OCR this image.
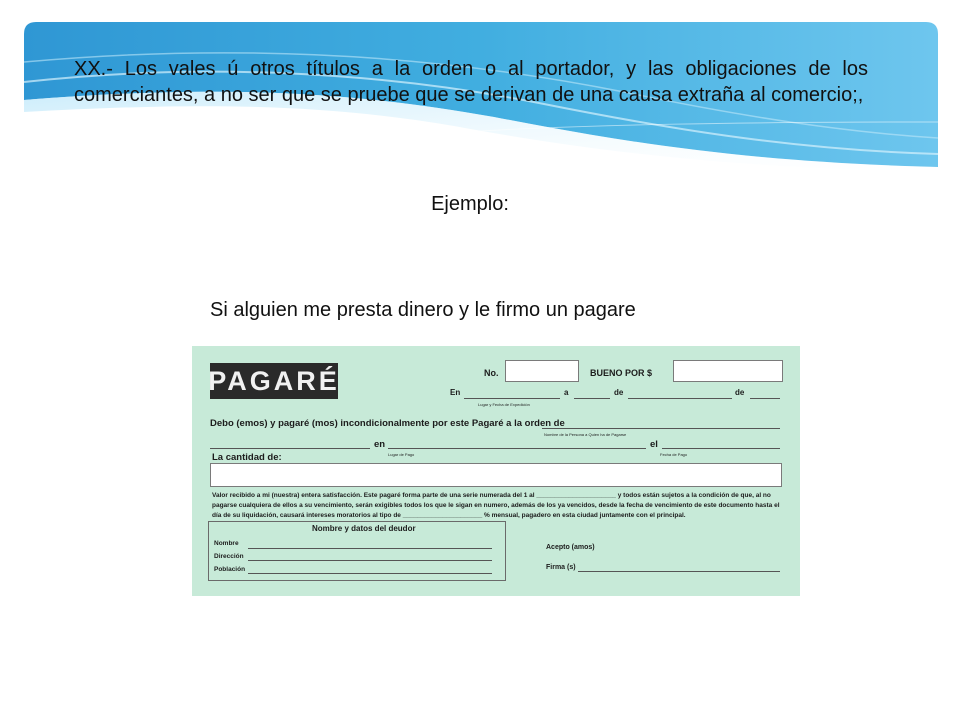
XX.- Los vales ú otros títulos a la orden o al portador, y las obligaciones de los comerciantes, a no ser que se pruebe que se derivan de una causa extraña al comercio;,

Ejemplo:
Si alguien me presta dinero y le firmo un pagare
PAGARÉ	No.	BUENO POR $
En	a	de	de
Lugar y Fecha de Expedición
Debo (emos) y pagaré (mos) incondicionalmente por este Pagaré a la orden de
Nombre de la Persona a Quien ha de Pagarse
en	el
Lugar de Pago	Fecha de Pago
La cantidad de:

Valor recibido a mi (nuestra) entera satisfacción. Este pagaré forma parte de una serie numerada del 1 al ______________________ y todos están sujetos a la condición de que, al no pagarse cualquiera de ellos a su vencimiento, serán exigibles todos los que le sigan en numero, además de los ya vencidos, desde la fecha de vencimiento de este documento hasta el día de su liquidación, causará intereses moratorios al tipo de ______________________ % mensual, pagadero en esta ciudad juntamente con el principal.

Nombre y datos del deudor
Nombre
Dirección
Población
Acepto (amos)
Firma (s)
